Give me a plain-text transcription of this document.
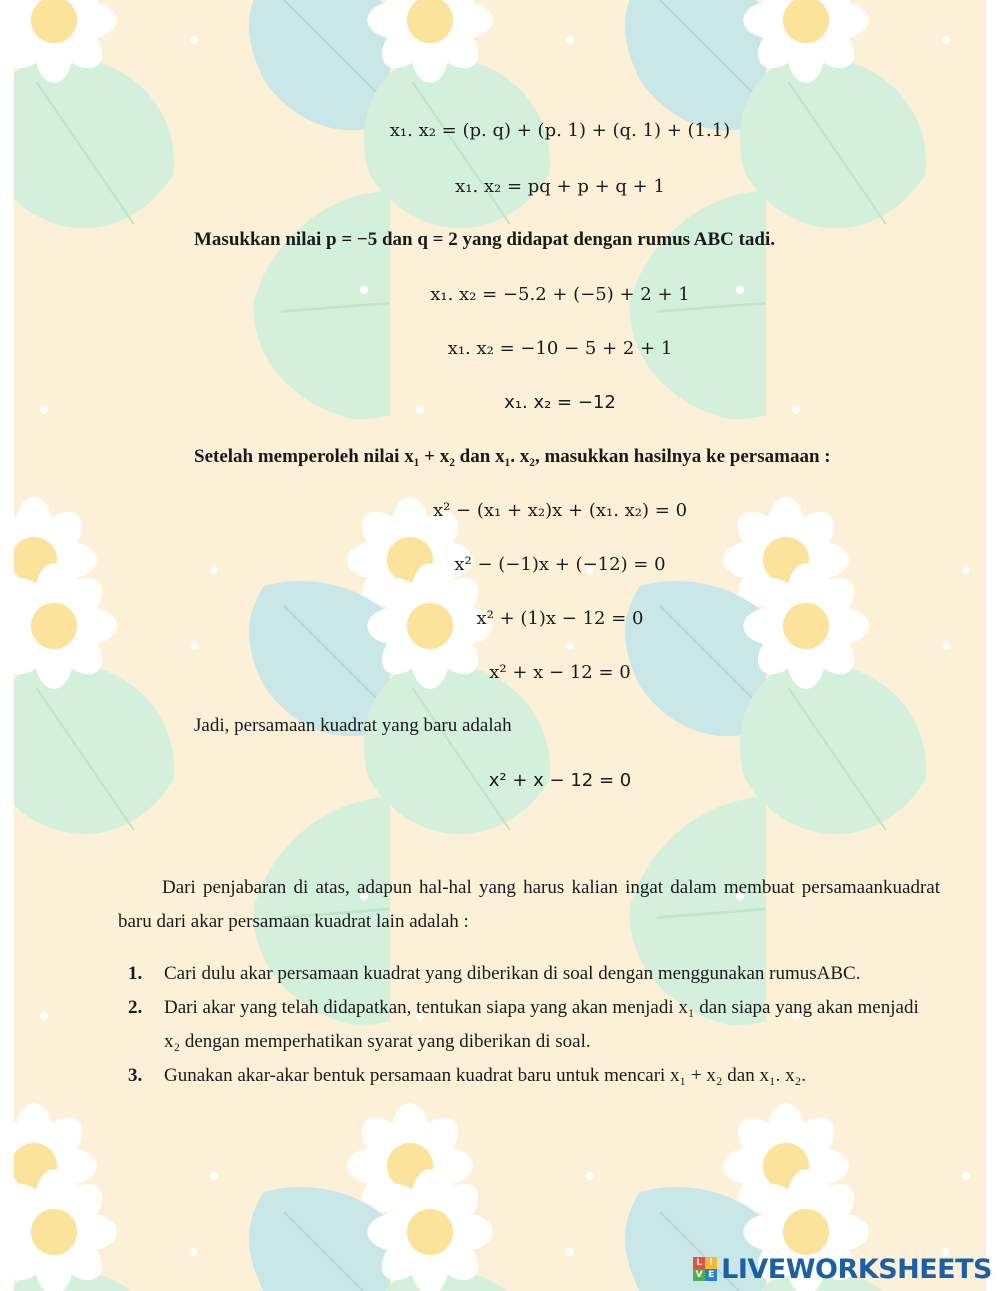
x₁. x₂ = (p. q) + (p. 1) + (q. 1) + (1.1)
x₁. x₂ = pq + p + q + 1
Masukkan nilai p = −5 dan q = 2 yang didapat dengan rumus ABC tadi.
x₁. x₂ = −5.2 + (−5) + 2 + 1
x₁. x₂ = −10 − 5 + 2 + 1
x₁. x₂ = −12
Setelah memperoleh nilai x₁ + x₂ dan x₁. x₂, masukkan hasilnya ke persamaan :
x² − (x₁ + x₂)x + (x₁. x₂) = 0
x² − (−1)x + (−12) = 0
x² + (1)x − 12 = 0
x² + x − 12 = 0
Jadi, persamaan kuadrat yang baru adalah
x² + x − 12 = 0

Dari penjabaran di atas, adapun hal-hal yang harus kalian ingat dalam membuat persamaankuadrat baru dari akar persamaan kuadrat lain adalah :

1. Cari dulu akar persamaan kuadrat yang diberikan di soal dengan menggunakan rumusABC.
2. Dari akar yang telah didapatkan, tentukan siapa yang akan menjadi x₁ dan siapa yang akan menjadi x₂ dengan memperhatikan syarat yang diberikan di soal.
3. Gunakan akar-akar bentuk persamaan kuadrat baru untuk mencari x₁ + x₂ dan x₁. x₂.
L I
V E LIVEWORKSHEETS
